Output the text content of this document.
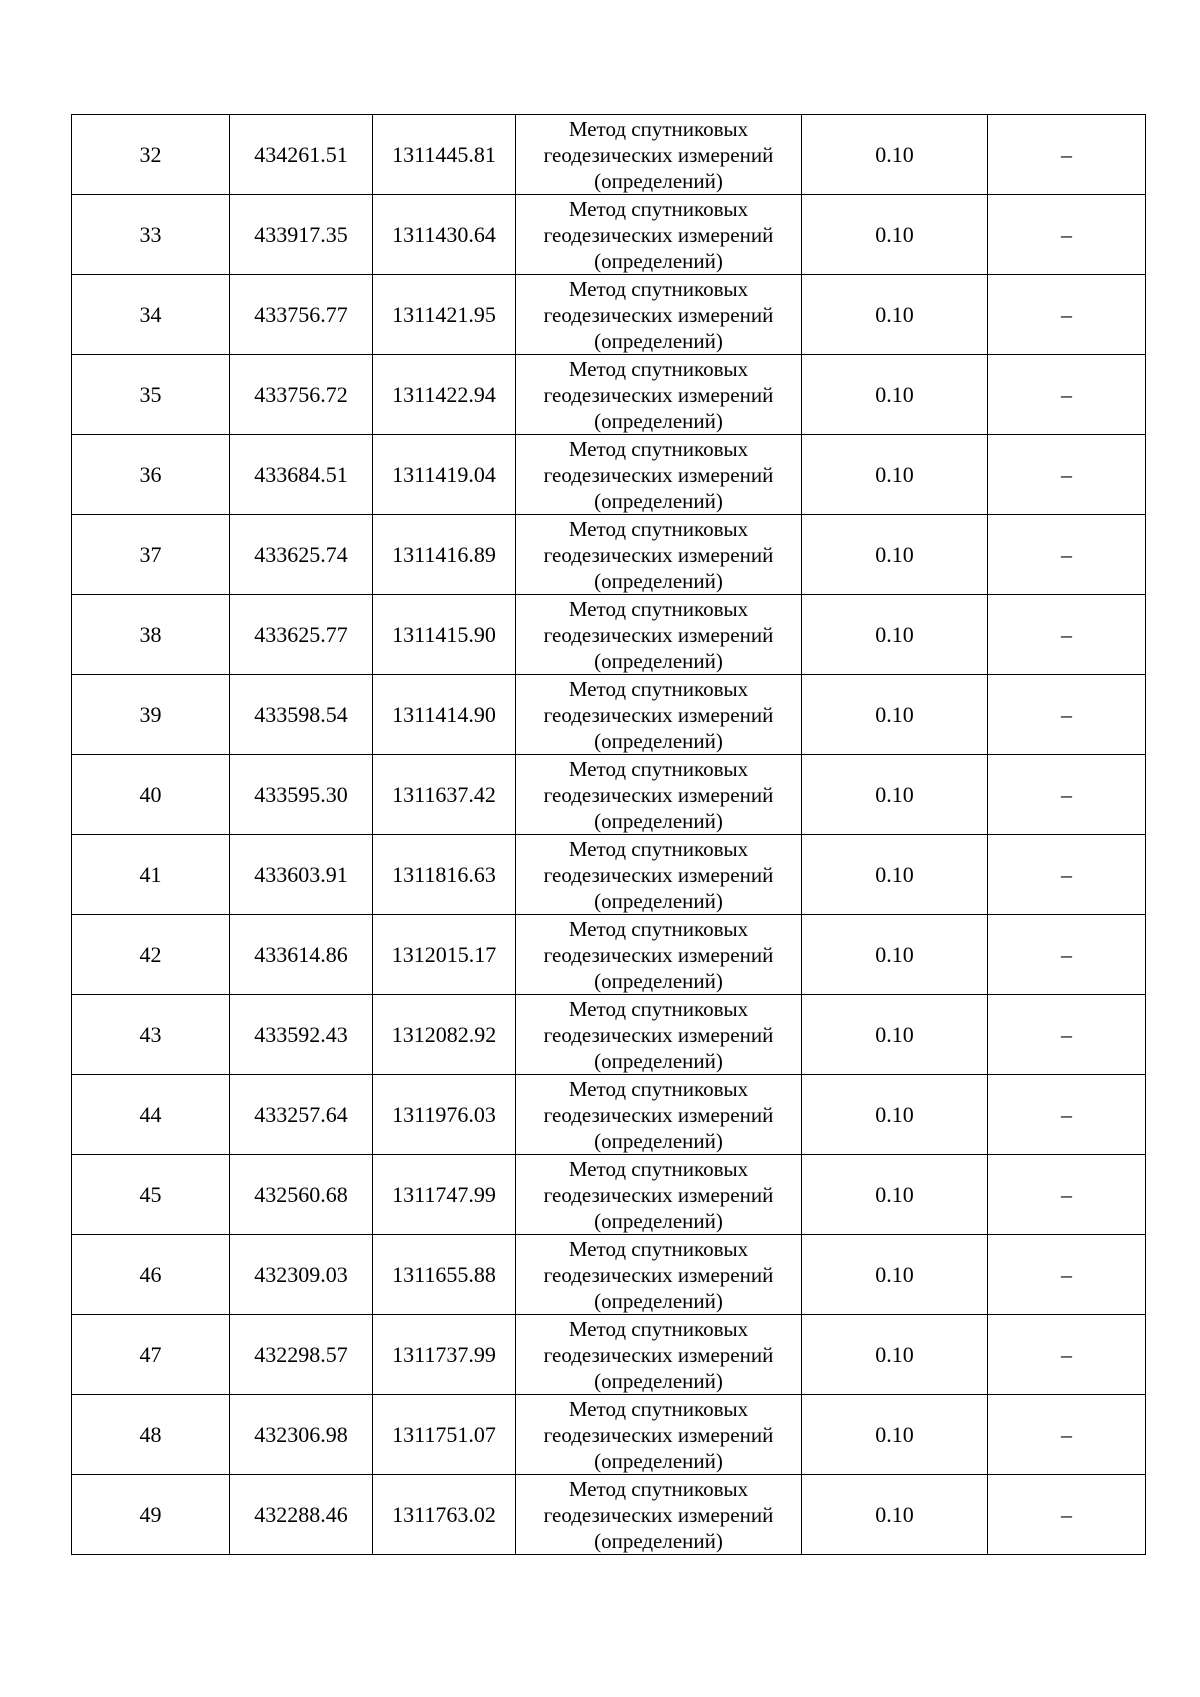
32	434261.51	1311445.81	Метод спутниковых
геодезических измерений
(определений)	0.10	–
33	433917.35	1311430.64	Метод спутниковых
геодезических измерений
(определений)	0.10	–
34	433756.77	1311421.95	Метод спутниковых
геодезических измерений
(определений)	0.10	–
35	433756.72	1311422.94	Метод спутниковых
геодезических измерений
(определений)	0.10	–
36	433684.51	1311419.04	Метод спутниковых
геодезических измерений
(определений)	0.10	–
37	433625.74	1311416.89	Метод спутниковых
геодезических измерений
(определений)	0.10	–
38	433625.77	1311415.90	Метод спутниковых
геодезических измерений
(определений)	0.10	–
39	433598.54	1311414.90	Метод спутниковых
геодезических измерений
(определений)	0.10	–
40	433595.30	1311637.42	Метод спутниковых
геодезических измерений
(определений)	0.10	–
41	433603.91	1311816.63	Метод спутниковых
геодезических измерений
(определений)	0.10	–
42	433614.86	1312015.17	Метод спутниковых
геодезических измерений
(определений)	0.10	–
43	433592.43	1312082.92	Метод спутниковых
геодезических измерений
(определений)	0.10	–
44	433257.64	1311976.03	Метод спутниковых
геодезических измерений
(определений)	0.10	–
45	432560.68	1311747.99	Метод спутниковых
геодезических измерений
(определений)	0.10	–
46	432309.03	1311655.88	Метод спутниковых
геодезических измерений
(определений)	0.10	–
47	432298.57	1311737.99	Метод спутниковых
геодезических измерений
(определений)	0.10	–
48	432306.98	1311751.07	Метод спутниковых
геодезических измерений
(определений)	0.10	–
49	432288.46	1311763.02	Метод спутниковых
геодезических измерений
(определений)	0.10	–
